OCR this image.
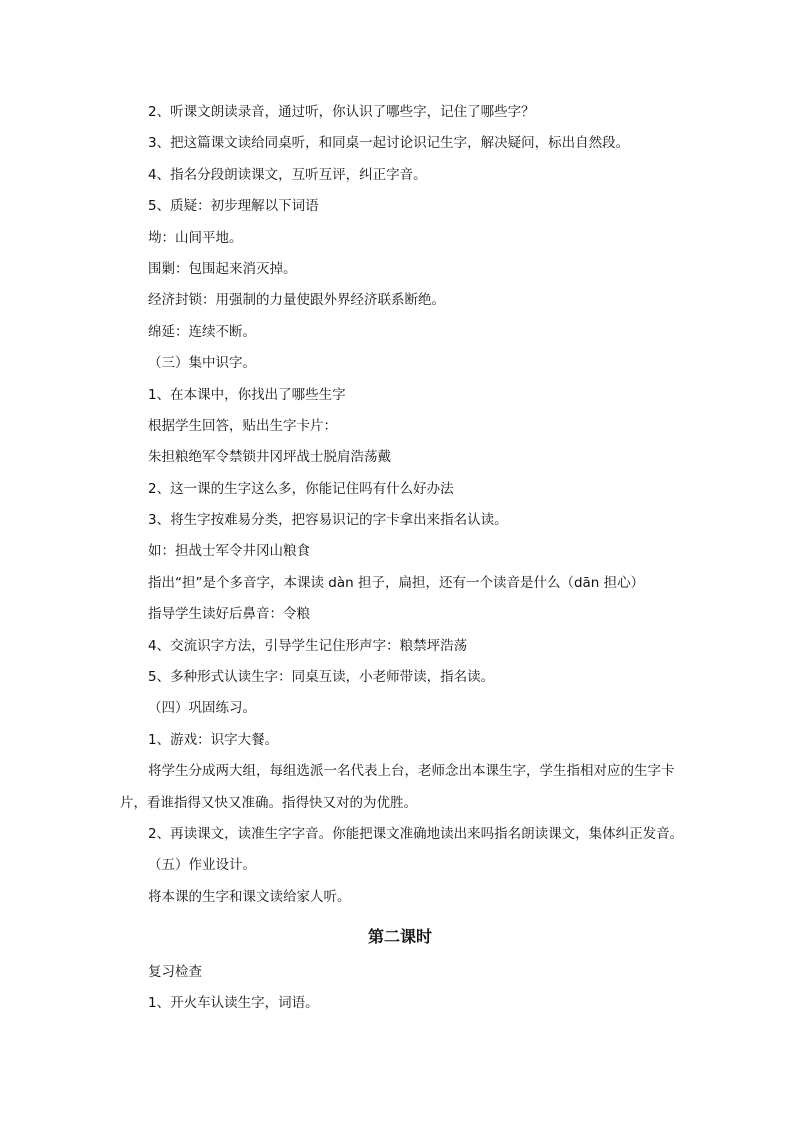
2、听课文朗读录音，通过听，你认识了哪些字，记住了哪些字？
3、把这篇课文读给同桌听，和同桌一起讨论识记生字，解决疑问，标出自然段。
4、指名分段朗读课文，互听互评，纠正字音。
5、质疑：初步理解以下词语
坳：山间平地。
围剿：包围起来消灭掉。
经济封锁：用强制的力量使跟外界经济联系断绝。
绵延：连续不断。
（三）集中识字。
1、在本课中，你找出了哪些生字
根据学生回答，贴出生字卡片：
朱担粮绝军令禁锁井冈坪战士脱肩浩荡戴
2、这一课的生字这么多，你能记住吗有什么好办法
3、将生字按难易分类，把容易识记的字卡拿出来指名认读。
如：担战士军令井冈山粮食
指出“担”是个多音字，本课读 dàn 担子，扁担，还有一个读音是什么（dān 担心）
指导学生读好后鼻音：令粮
4、交流识字方法，引导学生记住形声字：粮禁坪浩荡
5、多种形式认读生字：同桌互读，小老师带读，指名读。
（四）巩固练习。
1、游戏：识字大餐。
将学生分成两大组，每组选派一名代表上台，老师念出本课生字，学生指相对应的生字卡片，看谁指得又快又准确。指得快又对的为优胜。
2、再读课文，读准生字字音。你能把课文准确地读出来吗指名朗读课文，集体纠正发音。
（五）作业设计。
将本课的生字和课文读给家人听。
第二课时
复习检查
1、开火车认读生字，词语。
